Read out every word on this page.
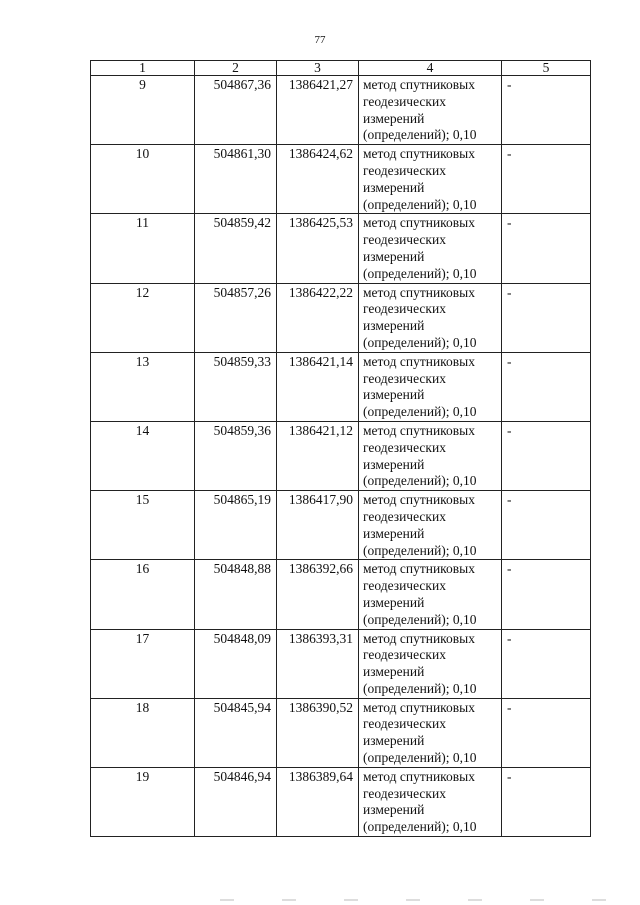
77
1	2	3	4	5
9	504867,36	1386421,27	метод спутниковых
геодезических
измерений
(определений); 0,10	-
10	504861,30	1386424,62	метод спутниковых
геодезических
измерений
(определений); 0,10	-
11	504859,42	1386425,53	метод спутниковых
геодезических
измерений
(определений); 0,10	-
12	504857,26	1386422,22	метод спутниковых
геодезических
измерений
(определений); 0,10	-
13	504859,33	1386421,14	метод спутниковых
геодезических
измерений
(определений); 0,10	-
14	504859,36	1386421,12	метод спутниковых
геодезических
измерений
(определений); 0,10	-
15	504865,19	1386417,90	метод спутниковых
геодезических
измерений
(определений); 0,10	-
16	504848,88	1386392,66	метод спутниковых
геодезических
измерений
(определений); 0,10	-
17	504848,09	1386393,31	метод спутниковых
геодезических
измерений
(определений); 0,10	-
18	504845,94	1386390,52	метод спутниковых
геодезических
измерений
(определений); 0,10	-
19	504846,94	1386389,64	метод спутниковых
геодезических
измерений
(определений); 0,10	-
